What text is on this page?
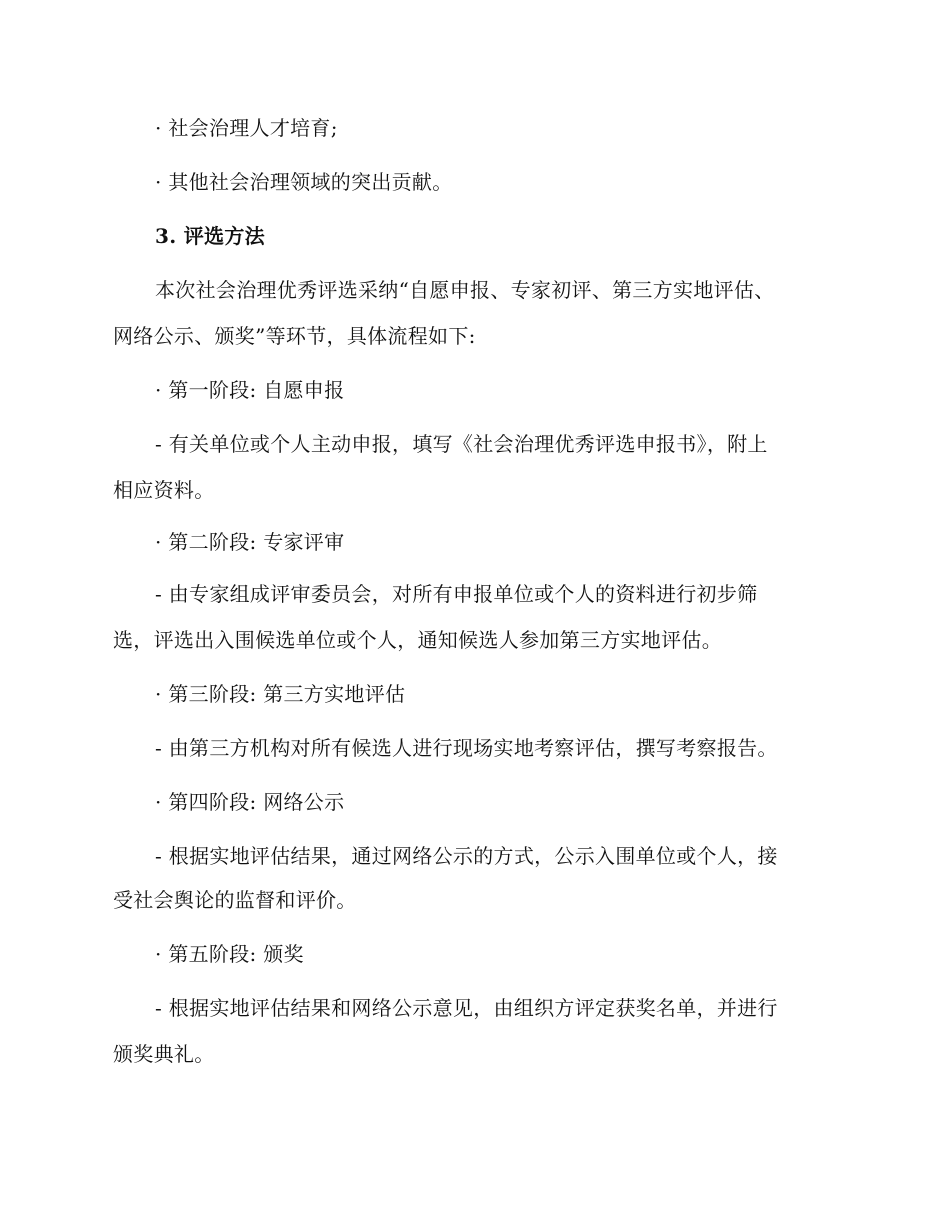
· 社会治理人才培育;
· 其他社会治理领域的突出贡献。
3. 评选方法
本次社会治理优秀评选采纳“自愿申报、专家初评、第三方实地评估、
网络公示、颁奖”等环节，具体流程如下:
· 第一阶段: 自愿申报
- 有关单位或个人主动申报，填写《社会治理优秀评选申报书》，附上
相应资料。
· 第二阶段: 专家评审
- 由专家组成评审委员会，对所有申报单位或个人的资料进行初步筛
选，评选出入围候选单位或个人，通知候选人参加第三方实地评估。
· 第三阶段: 第三方实地评估
- 由第三方机构对所有候选人进行现场实地考察评估，撰写考察报告。
· 第四阶段: 网络公示
- 根据实地评估结果，通过网络公示的方式，公示入围单位或个人，接
受社会舆论的监督和评价。
· 第五阶段: 颁奖
- 根据实地评估结果和网络公示意见，由组织方评定获奖名单，并进行
颁奖典礼。
